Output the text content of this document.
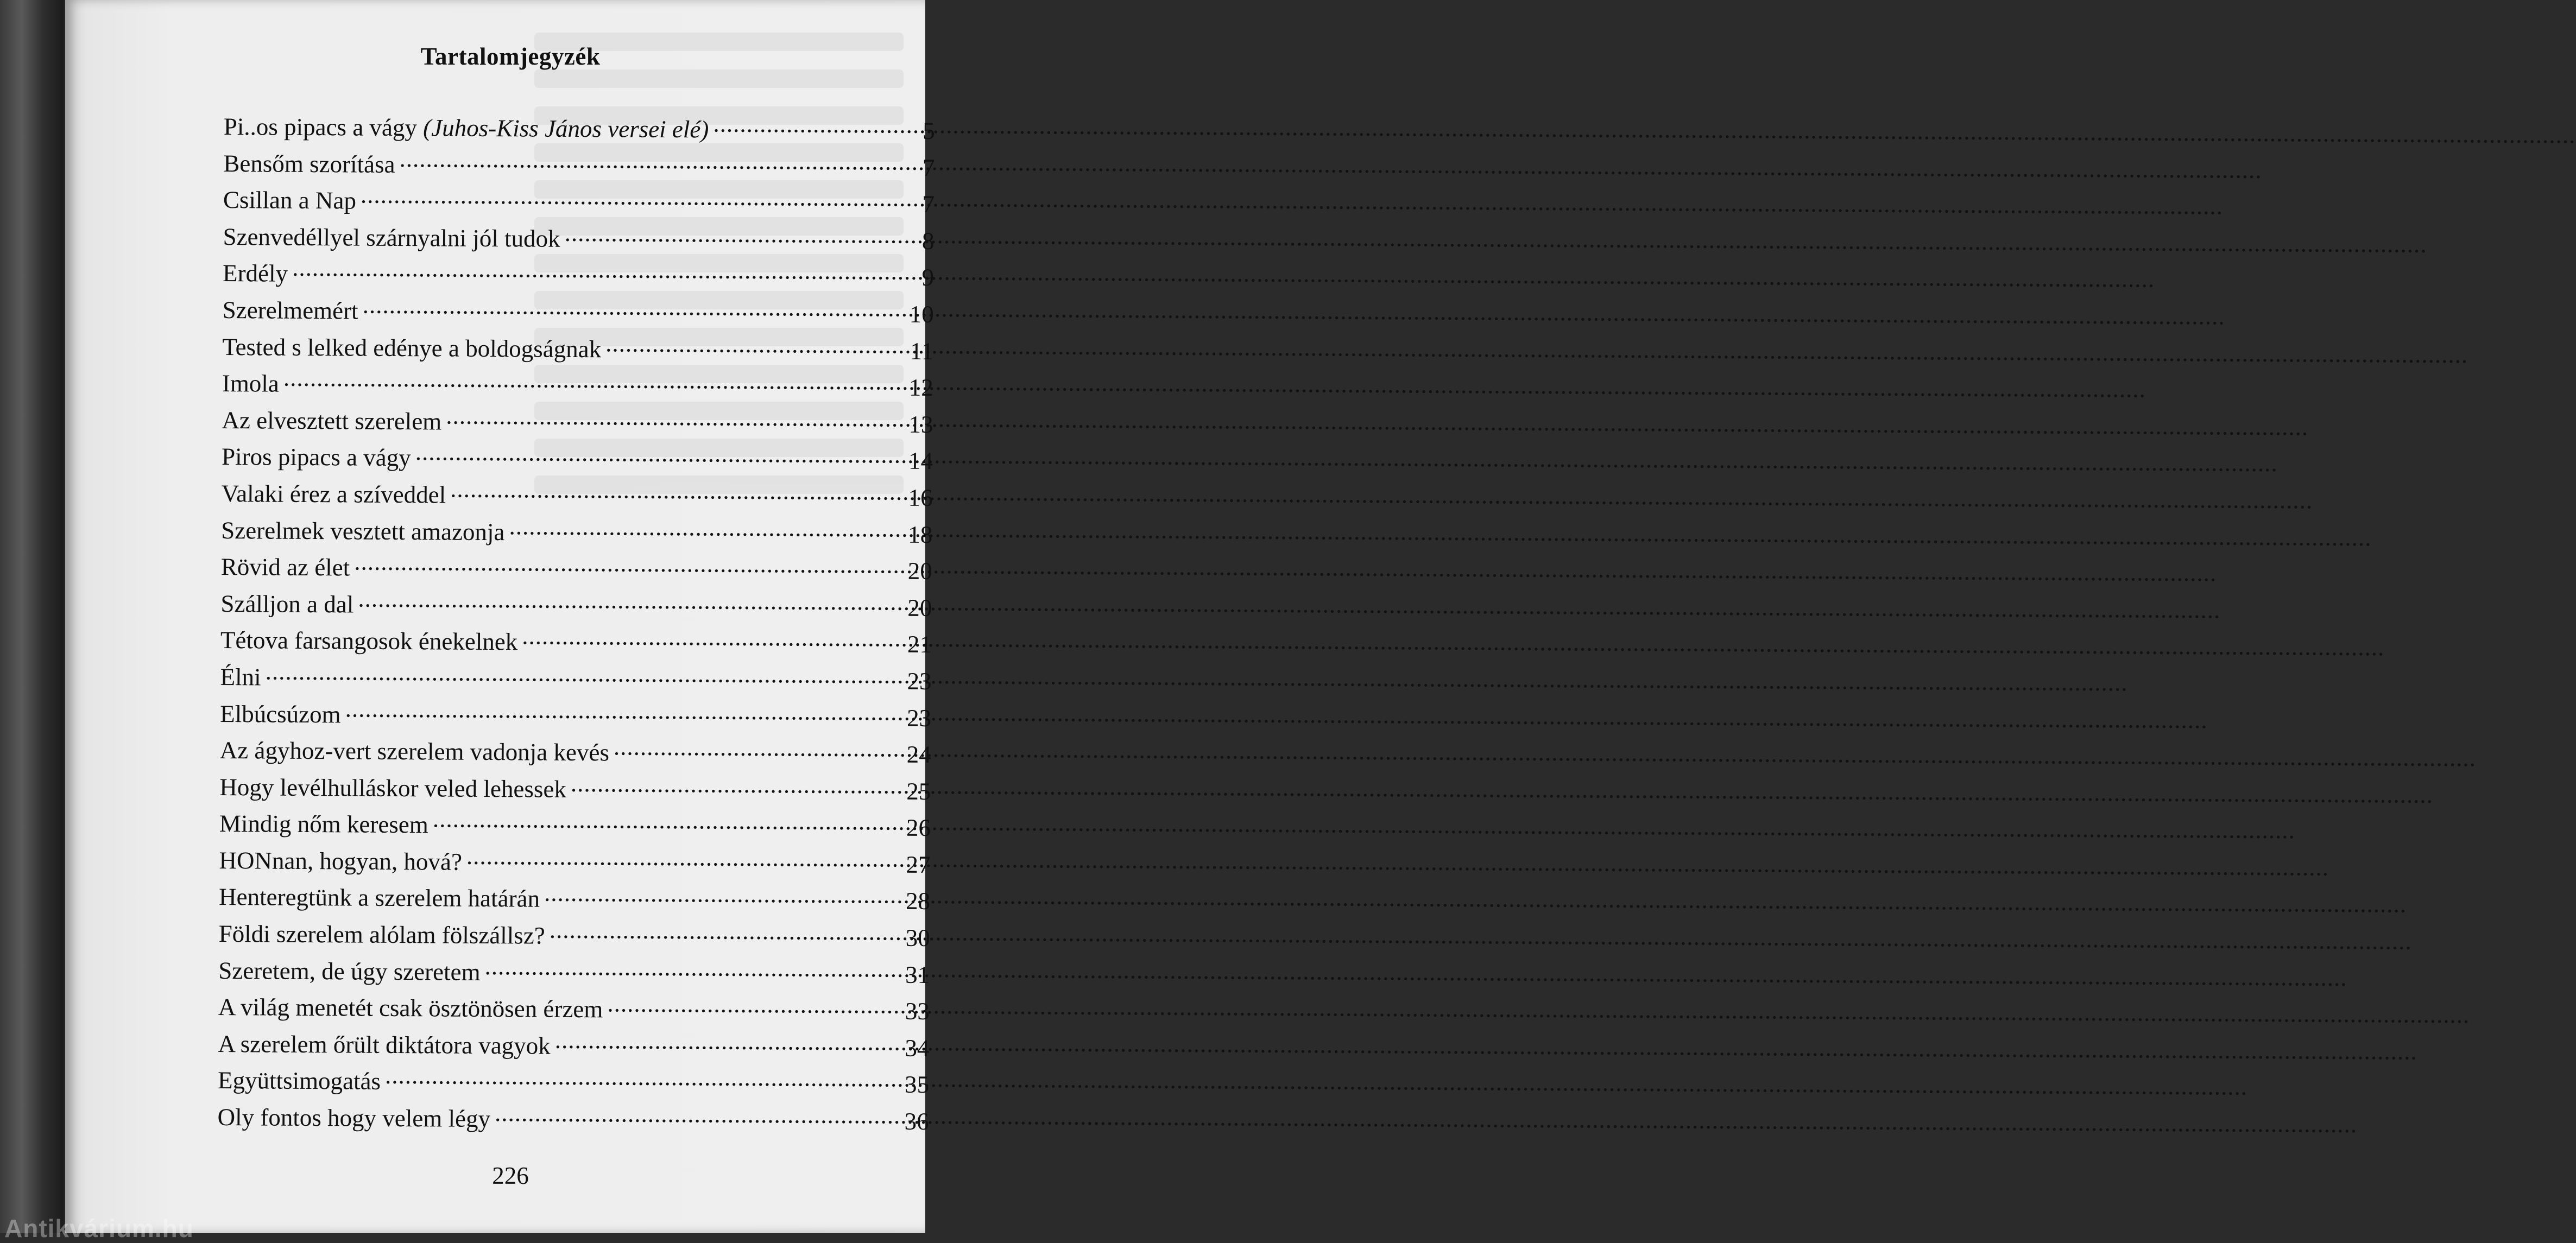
Tartalomjegyzék
Pi..os pipacs a vágy (Juhos-Kiss János versei elé) .....	5
Bensőm szorítása .....	7
Csillan a Nap .....	7
Szenvedéllyel szárnyalni jól tudok .....	8
Erdély .....	9
Szerelmemért .....	10
Tested s lelked edénye a boldogságnak .....	11
Imola .....	12
Az elvesztett szerelem .....	13
Piros pipacs a vágy .....	14
Valaki érez a szíveddel .....	16
Szerelmek vesztett amazonja .....	18
Rövid az élet .....	20
Szálljon a dal .....	20
Tétova farsangosok énekelnek .....	21
Élni .....	23
Elbúcsúzom .....	23
Az ágyhoz-vert szerelem vadonja kevés .....	24
Hogy levélhulláskor veled lehessek .....	25
Mindig nőm keresem .....	26
HONnan, hogyan, hová? .....	27
Henteregtünk a szerelem határán .....	28
Földi szerelem alólam fölszállsz? .....	30
Szeretem, de úgy szeretem .....	31
A világ menetét csak ösztönösen érzem .....	33
A szerelem őrült diktátora vagyok .....	34
Együttsimogatás .....	35
Oly fontos hogy velem légy .....	36
226
Antikvárium.hu
